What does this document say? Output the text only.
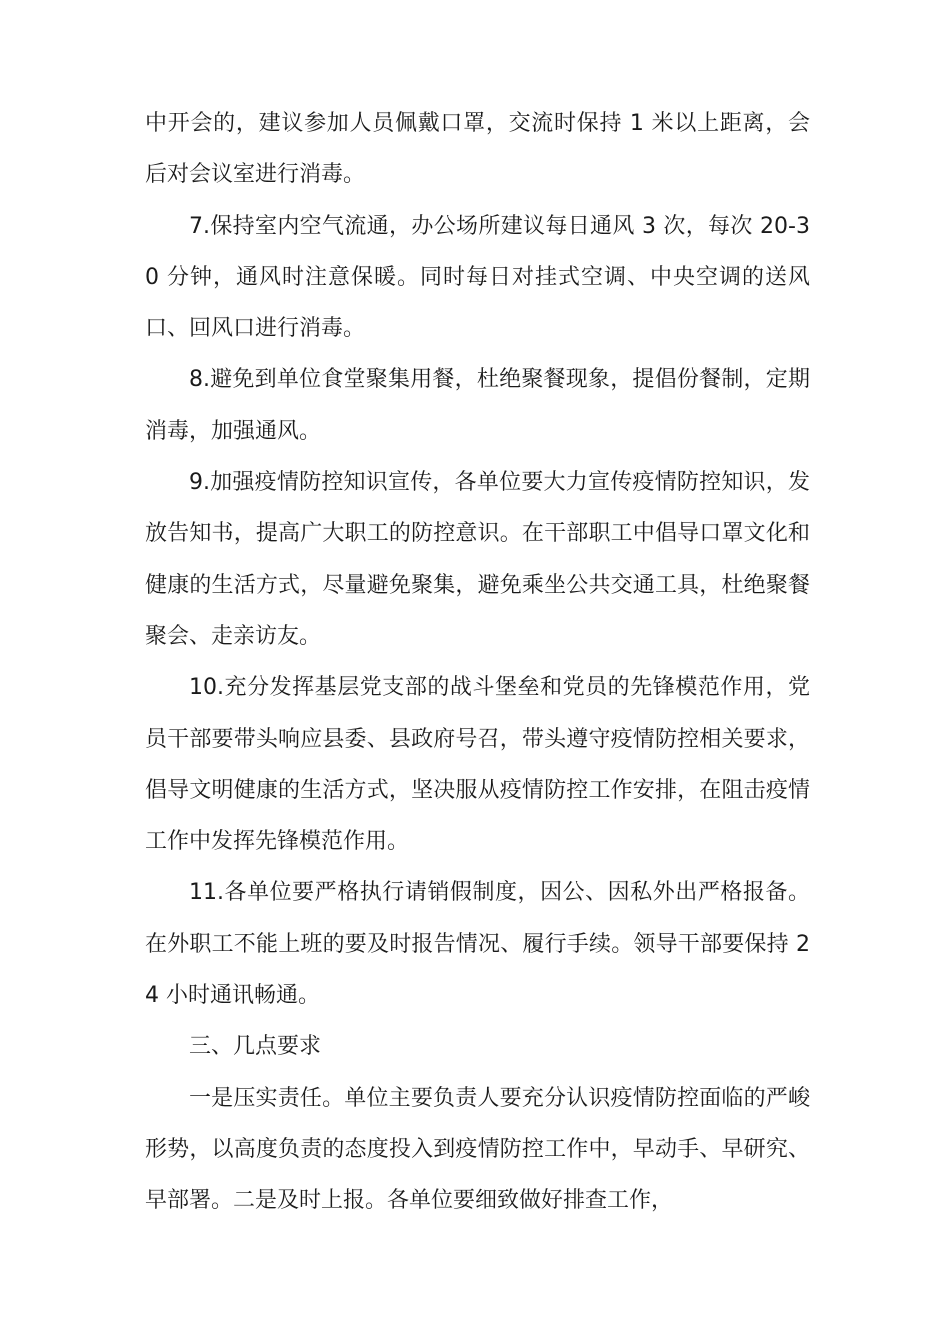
中开会的，建议参加人员佩戴口罩，交流时保持 1 米以上距离，会后对会议室进行消毒。

7.保持室内空气流通，办公场所建议每日通风 3 次，每次 20-30 分钟，通风时注意保暖。同时每日对挂式空调、中央空调的送风口、回风口进行消毒。

8.避免到单位食堂聚集用餐，杜绝聚餐现象，提倡份餐制，定期消毒，加强通风。

9.加强疫情防控知识宣传，各单位要大力宣传疫情防控知识，发放告知书，提高广大职工的防控意识。在干部职工中倡导口罩文化和健康的生活方式，尽量避免聚集，避免乘坐公共交通工具，杜绝聚餐聚会、走亲访友。

10.充分发挥基层党支部的战斗堡垒和党员的先锋模范作用，党员干部要带头响应县委、县政府号召，带头遵守疫情防控相关要求，倡导文明健康的生活方式，坚决服从疫情防控工作安排，在阻击疫情工作中发挥先锋模范作用。

11.各单位要严格执行请销假制度，因公、因私外出严格报备。在外职工不能上班的要及时报告情况、履行手续。领导干部要保持 24 小时通讯畅通。

三、几点要求

一是压实责任。单位主要负责人要充分认识疫情防控面临的严峻形势，以高度负责的态度投入到疫情防控工作中，早动手、早研究、早部署。二是及时上报。各单位要细致做好排查工作，
